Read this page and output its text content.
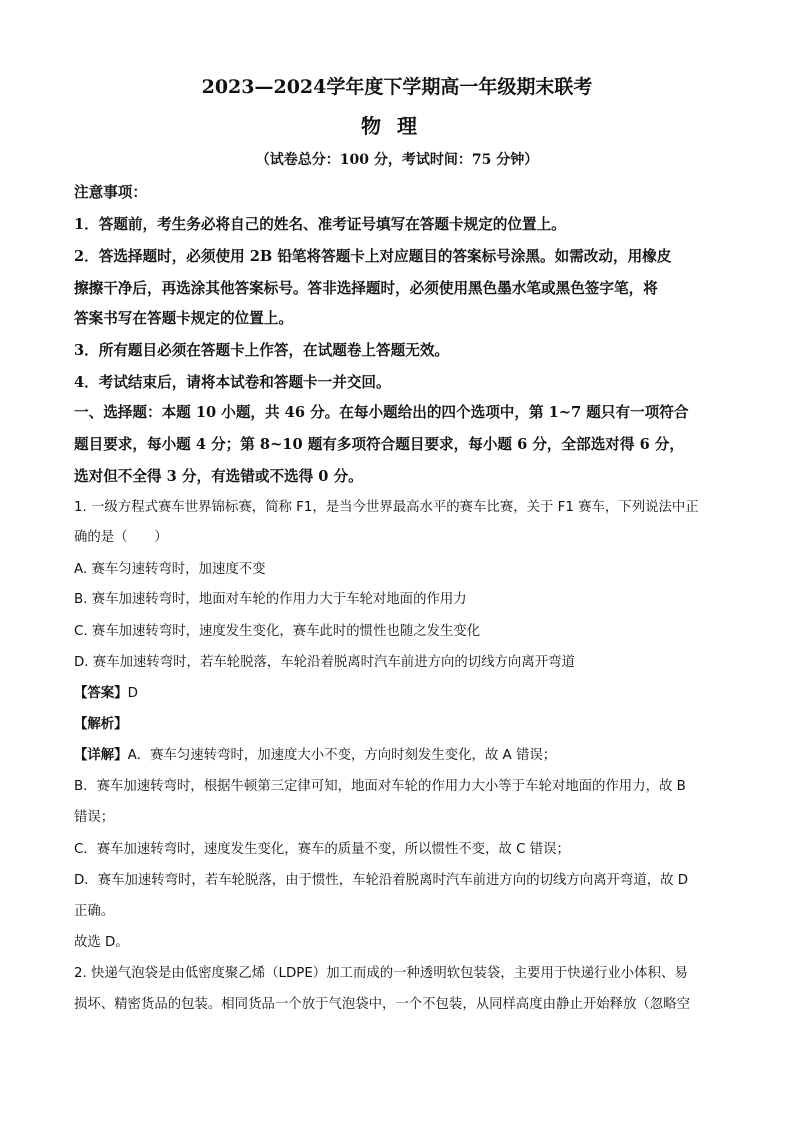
2023—2024学年度下学期高一年级期末联考
物理
（试卷总分：100 分，考试时间：75 分钟）
注意事项：
1．答题前，考生务必将自己的姓名、准考证号填写在答题卡规定的位置上。
2．答选择题时，必须使用 2B 铅笔将答题卡上对应题目的答案标号涂黑。如需改动，用橡皮
擦擦干净后，再选涂其他答案标号。答非选择题时，必须使用黑色墨水笔或黑色签字笔，将
答案书写在答题卡规定的位置上。
3．所有题目必须在答题卡上作答，在试题卷上答题无效。
4．考试结束后，请将本试卷和答题卡一并交回。
一、选择题：本题 10 小题，共 46 分。在每小题给出的四个选项中，第 1~7 题只有一项符合
题目要求，每小题 4 分；第 8~10 题有多项符合题目要求，每小题 6 分，全部选对得 6 分，
选对但不全得 3 分，有选错或不选得 0 分。
1. 一级方程式赛车世界锦标赛，简称 F1，是当今世界最高水平的赛车比赛，关于 F1 赛车，下列说法中正
确的是（　　）
A. 赛车匀速转弯时，加速度不变
B. 赛车加速转弯时，地面对车轮的作用力大于车轮对地面的作用力
C. 赛车加速转弯时，速度发生变化，赛车此时的惯性也随之发生变化
D. 赛车加速转弯时，若车轮脱落，车轮沿着脱离时汽车前进方向的切线方向离开弯道
【答案】D
【解析】
【详解】A．赛车匀速转弯时，加速度大小不变，方向时刻发生变化，故 A 错误；
B．赛车加速转弯时，根据牛顿第三定律可知，地面对车轮的作用力大小等于车轮对地面的作用力，故 B
错误；
C．赛车加速转弯时，速度发生变化，赛车的质量不变，所以惯性不变，故 C 错误；
D．赛车加速转弯时，若车轮脱落，由于惯性，车轮沿着脱离时汽车前进方向的切线方向离开弯道，故 D
正确。
故选 D。
2. 快递气泡袋是由低密度聚乙烯（LDPE）加工而成的一种透明软包装袋，主要用于快递行业小体积、易
损坏、精密货品的包装。相同货品一个放于气泡袋中，一个不包装，从同样高度由静止开始释放（忽略空
